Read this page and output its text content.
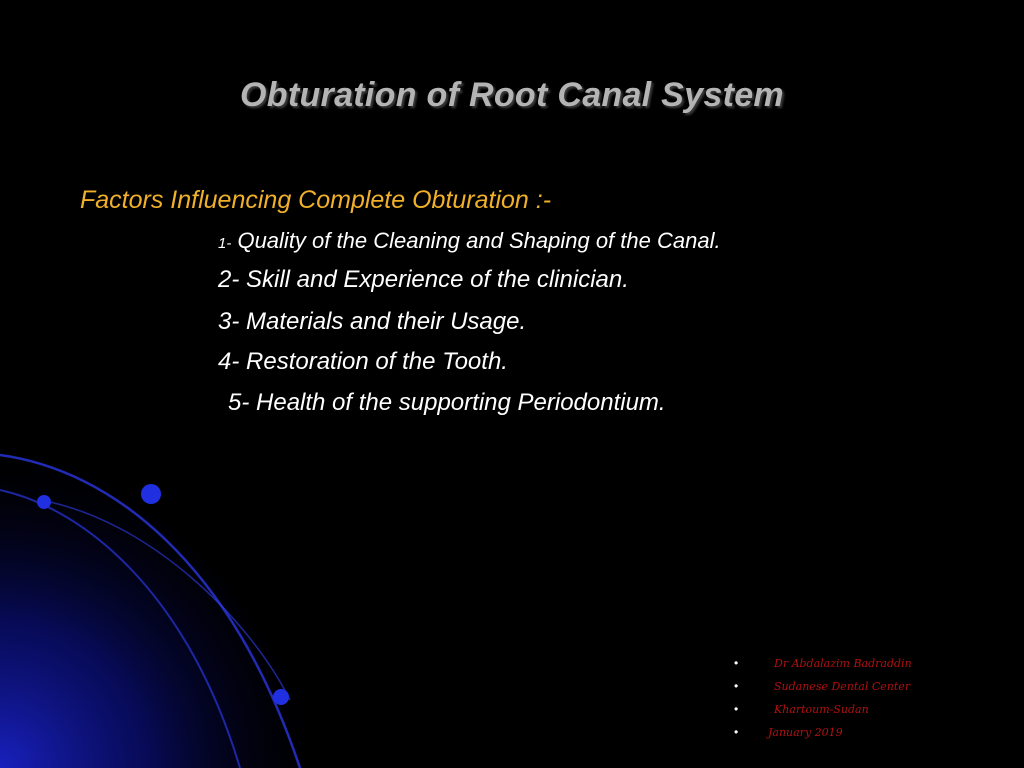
Obturation of Root Canal System
Factors Influencing Complete Obturation :-
1- Quality of the Cleaning and Shaping of the Canal.
2- Skill and Experience of the clinician.
3- Materials and their Usage.
4- Restoration of the Tooth.
5- Health of the supporting Periodontium.
•	Dr Abdalazim Badraddin
•	Sudanese Dental Center
•	Khartoum-Sudan
•	January 2019
